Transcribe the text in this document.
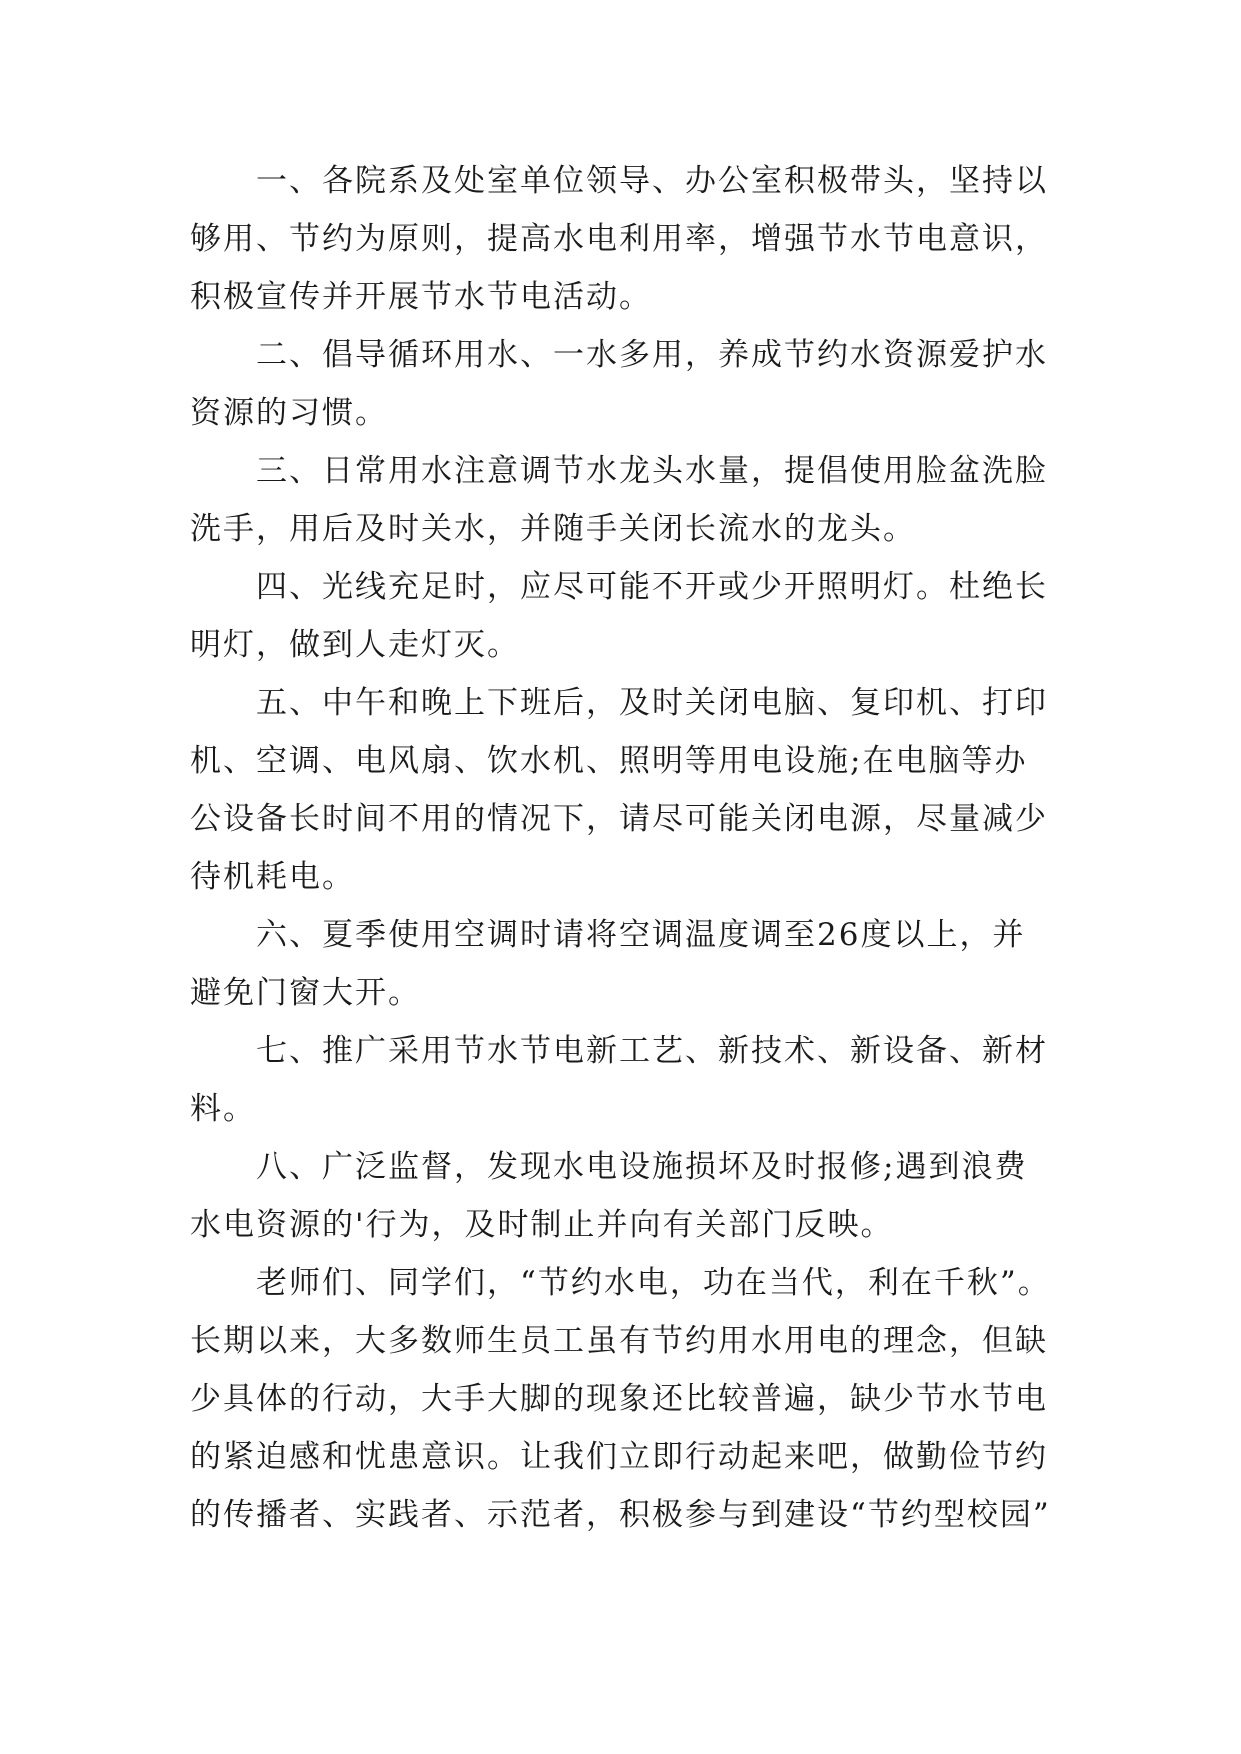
一、各院系及处室单位领导、办公室积极带头，坚持以
够用、节约为原则，提高水电利用率，增强节水节电意识，
积极宣传并开展节水节电活动。
二、倡导循环用水、一水多用，养成节约水资源爱护水
资源的习惯。
三、日常用水注意调节水龙头水量，提倡使用脸盆洗脸
洗手，用后及时关水，并随手关闭长流水的龙头。
四、光线充足时，应尽可能不开或少开照明灯。杜绝长
明灯，做到人走灯灭。
五、中午和晚上下班后，及时关闭电脑、复印机、打印
机、空调、电风扇、饮水机、照明等用电设施;在电脑等办
公设备长时间不用的情况下，请尽可能关闭电源，尽量减少
待机耗电。
六、夏季使用空调时请将空调温度调至26度以上，并
避免门窗大开。
七、推广采用节水节电新工艺、新技术、新设备、新材
料。
八、广泛监督，发现水电设施损坏及时报修;遇到浪费
水电资源的'行为，及时制止并向有关部门反映。
老师们、同学们，“节约水电，功在当代，利在千秋”。
长期以来，大多数师生员工虽有节约用水用电的理念，但缺
少具体的行动，大手大脚的现象还比较普遍，缺少节水节电
的紧迫感和忧患意识。让我们立即行动起来吧，做勤俭节约
的传播者、实践者、示范者，积极参与到建设“节约型校园”
